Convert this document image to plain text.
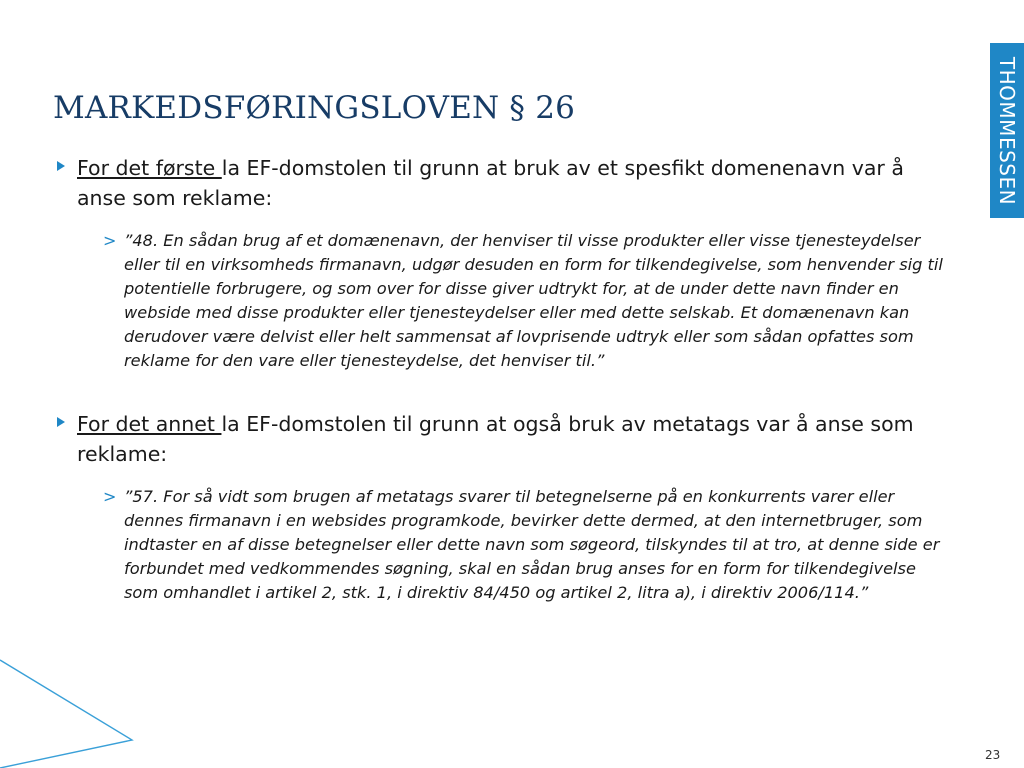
THOMMESSEN
MARKEDSFØRINGSLOVEN § 26
For det første la EF-domstolen til grunn at bruk av et spesfikt domenenavn var å anse som reklame:
> ”48. En sådan brug af et domænenavn, der henviser til visse produkter eller visse tjenesteydelser eller til en virksomheds firmanavn, udgør desuden en form for tilkendegivelse, som henvender sig til potentielle forbrugere, og som over for disse giver udtrykt for, at de under dette navn finder en webside med disse produkter eller tjenesteydelser eller med dette selskab. Et domænenavn kan derudover være delvist eller helt sammensat af lovprisende udtryk eller som sådan opfattes som reklame for den vare eller tjenesteydelse, det henviser til.”
For det annet la EF-domstolen til grunn at også bruk av metatags var å anse som reklame:
> ”57. For så vidt som brugen af metatags svarer til betegnelserne på en konkurrents varer eller dennes firmanavn i en websides programkode, bevirker dette dermed, at den internetbruger, som indtaster en af disse betegnelser eller dette navn som søgeord, tilskyndes til at tro, at denne side er forbundet med vedkommendes søgning, skal en sådan brug anses for en form for tilkendegivelse som omhandlet i artikel 2, stk. 1, i direktiv 84/450 og artikel 2, litra a), i direktiv 2006/114.”
23
